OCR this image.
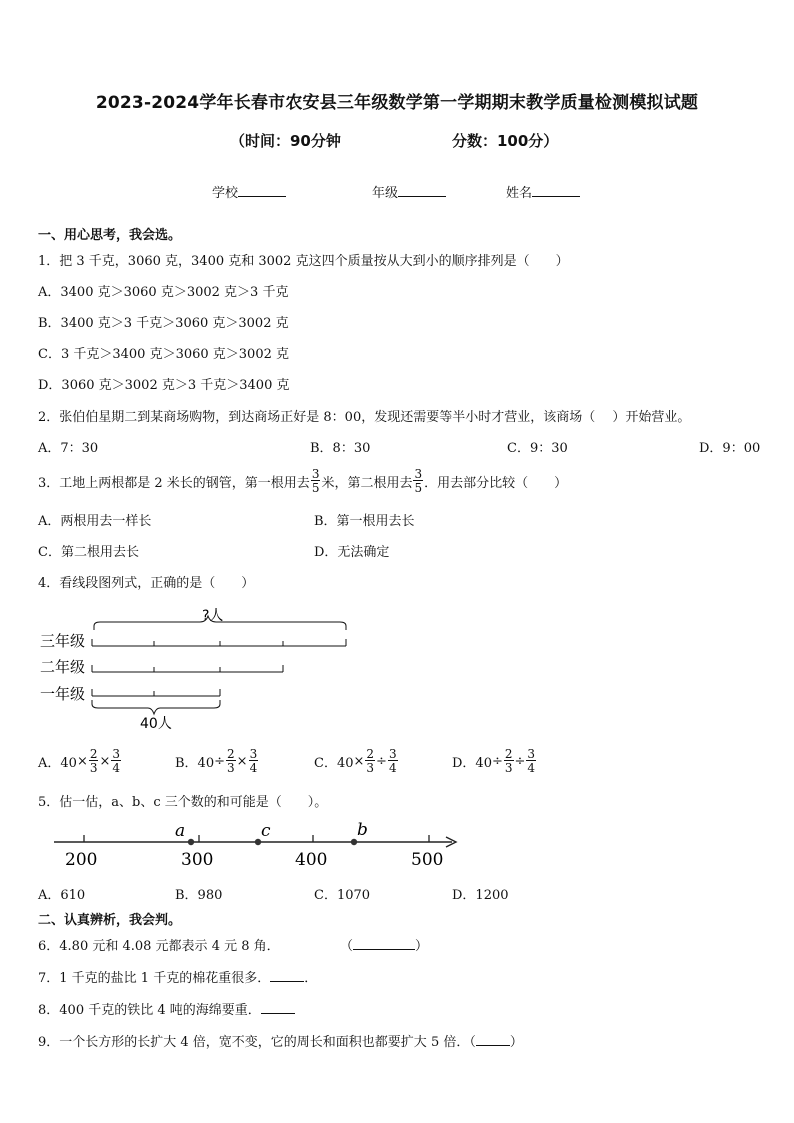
2023-2024学年长春市农安县三年级数学第一学期期末教学质量检测模拟试题
（时间：90分钟	分数：100分）
学校	年级	姓名
一、用心思考，我会选。
1．把 3 千克，3060 克，3400 克和 3002 克这四个质量按从大到小的顺序排列是（　　）
A．3400 克＞3060 克＞3002 克＞3 千克
B．3400 克＞3 千克＞3060 克＞3002 克
C．3 千克＞3400 克＞3060 克＞3002 克
D．3060 克＞3002 克＞3 千克＞3400 克
2．张伯伯星期二到某商场购物，到达商场正好是 8：00，发现还需要等半小时才营业，该商场（　 ）开始营业。
A．7：30	B．8：30	C．9：30	D．9：00
3．工地上两根都是 2 米长的钢管，第一根用去 $\frac{3}{5}$ 米，第二根用去 $\frac{3}{5}$ ．用去部分比较（　　）
A．两根用去一样长	B．第一根用去长
C．第二根用去长	D．无法确定
4．看线段图列式，正确的是（　　）
?人
三年级
二年级
一年级
40人
A．$40 \times \frac{2}{3} \times \frac{3}{4}$	B．$40 \div \frac{2}{3} \times \frac{3}{4}$	C．$40 \times \frac{2}{3} \div \frac{3}{4}$	D．$40 \div \frac{2}{3} \div \frac{3}{4}$
5．估一估，a、b、c 三个数的和可能是（　　）。
200	300	400	500
a	c	b
A．610	B．980	C．1070	D．1200
二、认真辨析，我会判。
6．4.80 元和 4.08 元都表示 4 元 8 角．	（	）
7．1 千克的盐比 1 千克的棉花重很多．	．
8．400 千克的铁比 4 吨的海绵要重．
9．一个长方形的长扩大 4 倍，宽不变，它的周长和面积也都要扩大 5 倍．（	）
